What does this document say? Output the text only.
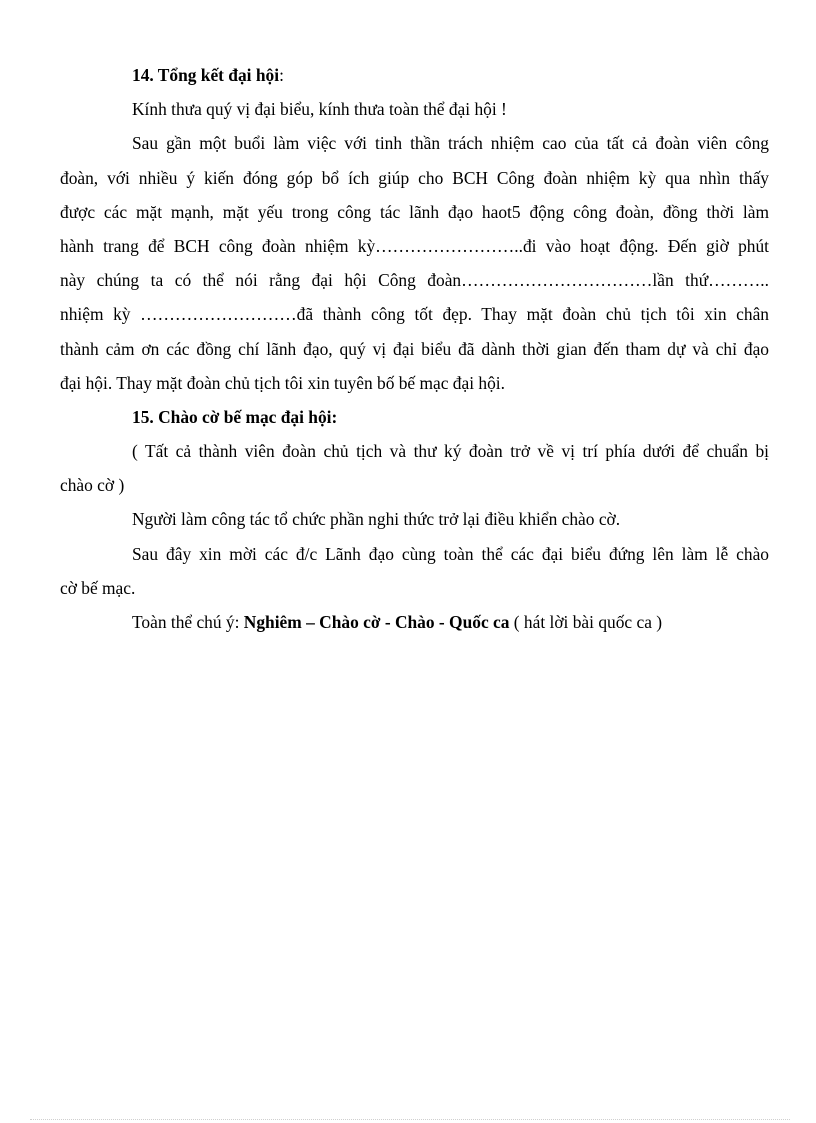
14. Tổng kết đại hội:
Kính thưa quý vị đại biểu, kính thưa toàn thể đại hội !
Sau gần một buổi làm việc với tinh thần trách nhiệm cao của tất cả đoàn viên công
đoàn, với nhiều ý kiến đóng góp bổ ích giúp cho BCH Công đoàn nhiệm kỳ qua nhìn thấy
được các mặt mạnh, mặt yếu trong công tác lãnh đạo haot5 động công đoàn, đồng thời làm
hành trang để BCH công đoàn nhiệm kỳ……………………..đi vào hoạt động. Đến giờ phút
này chúng ta có thể nói rằng đại hội Công đoàn……………………………lần thứ………..
nhiệm kỳ ………………………đã thành công tốt đẹp. Thay mặt đoàn chủ tịch tôi xin chân
thành cảm ơn các đồng chí lãnh đạo, quý vị đại biểu đã dành thời gian đến tham dự và chỉ đạo
đại hội. Thay mặt đoàn chủ tịch tôi xin tuyên bố bế mạc đại hội.
15. Chào cờ bế mạc đại hội:
( Tất cả thành viên đoàn chủ tịch và thư ký đoàn trở về vị trí phía dưới để chuẩn bị
chào cờ )
Người làm công tác tổ chức phần nghi thức trở lại điều khiển chào cờ.
Sau đây xin mời các đ/c Lãnh đạo cùng toàn thể các đại biểu đứng lên làm lễ chào
cờ bế mạc.
Toàn thể chú ý: Nghiêm – Chào cờ - Chào - Quốc ca ( hát lời bài quốc ca )
